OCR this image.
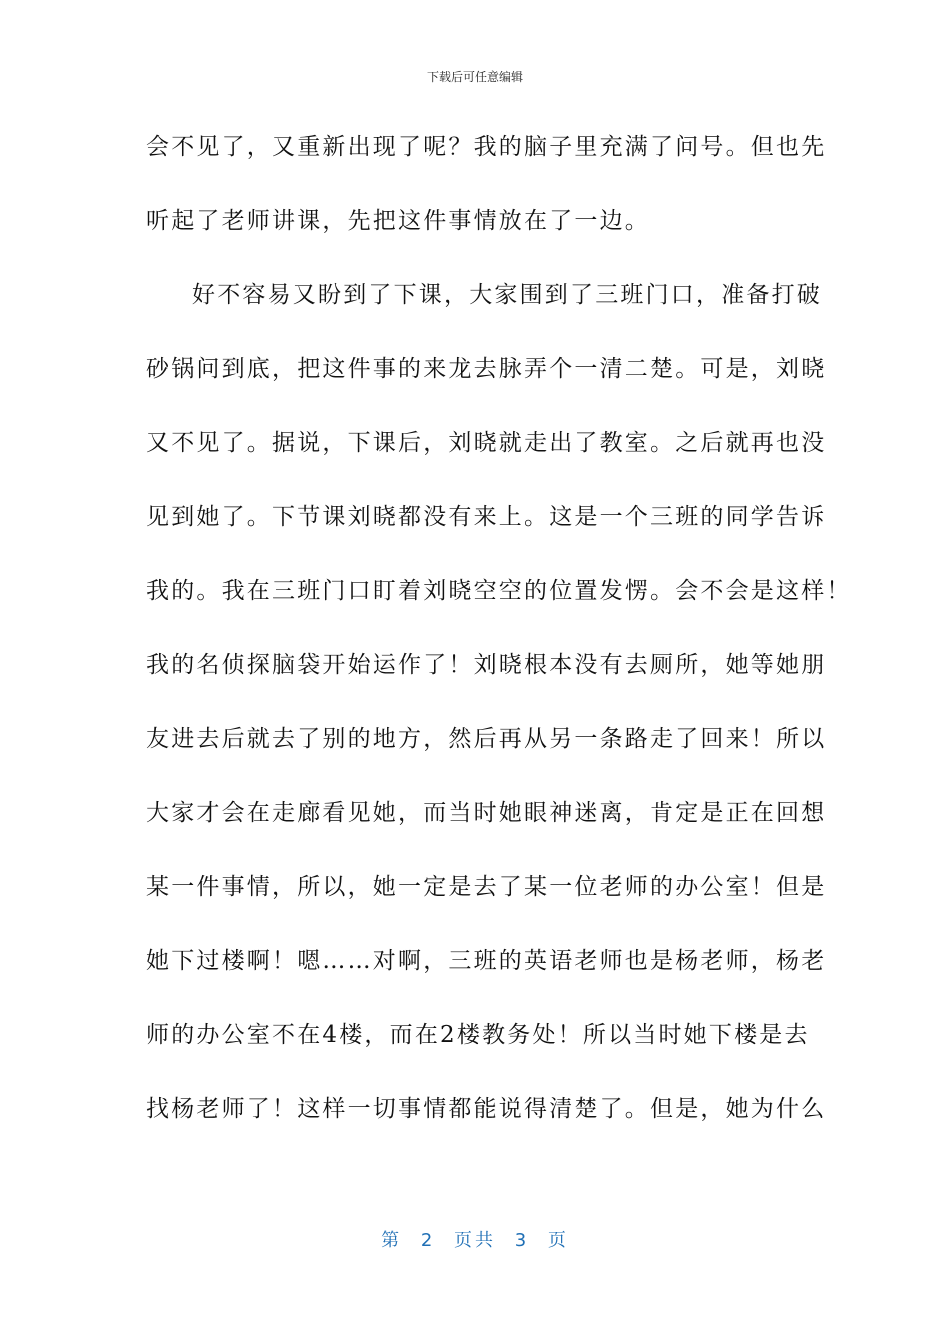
下载后可任意编辑
会不见了，又重新出现了呢？我的脑子里充满了问号。但也先
听起了老师讲课，先把这件事情放在了一边。
好不容易又盼到了下课，大家围到了三班门口，准备打破
砂锅问到底，把这件事的来龙去脉弄个一清二楚。可是，刘晓
又不见了。据说，下课后，刘晓就走出了教室。之后就再也没
见到她了。下节课刘晓都没有来上。这是一个三班的同学告诉
我的。我在三班门口盯着刘晓空空的位置发愣。会不会是这样！
我的名侦探脑袋开始运作了！刘晓根本没有去厕所，她等她朋
友进去后就去了别的地方，然后再从另一条路走了回来！所以
大家才会在走廊看见她，而当时她眼神迷离，肯定是正在回想
某一件事情，所以，她一定是去了某一位老师的办公室！但是
她下过楼啊！嗯……对啊，三班的英语老师也是杨老师，杨老
师的办公室不在4楼，而在2楼教务处！所以当时她下楼是去
找杨老师了！这样一切事情都能说得清楚了。但是，她为什么
第 2 页共 3 页
